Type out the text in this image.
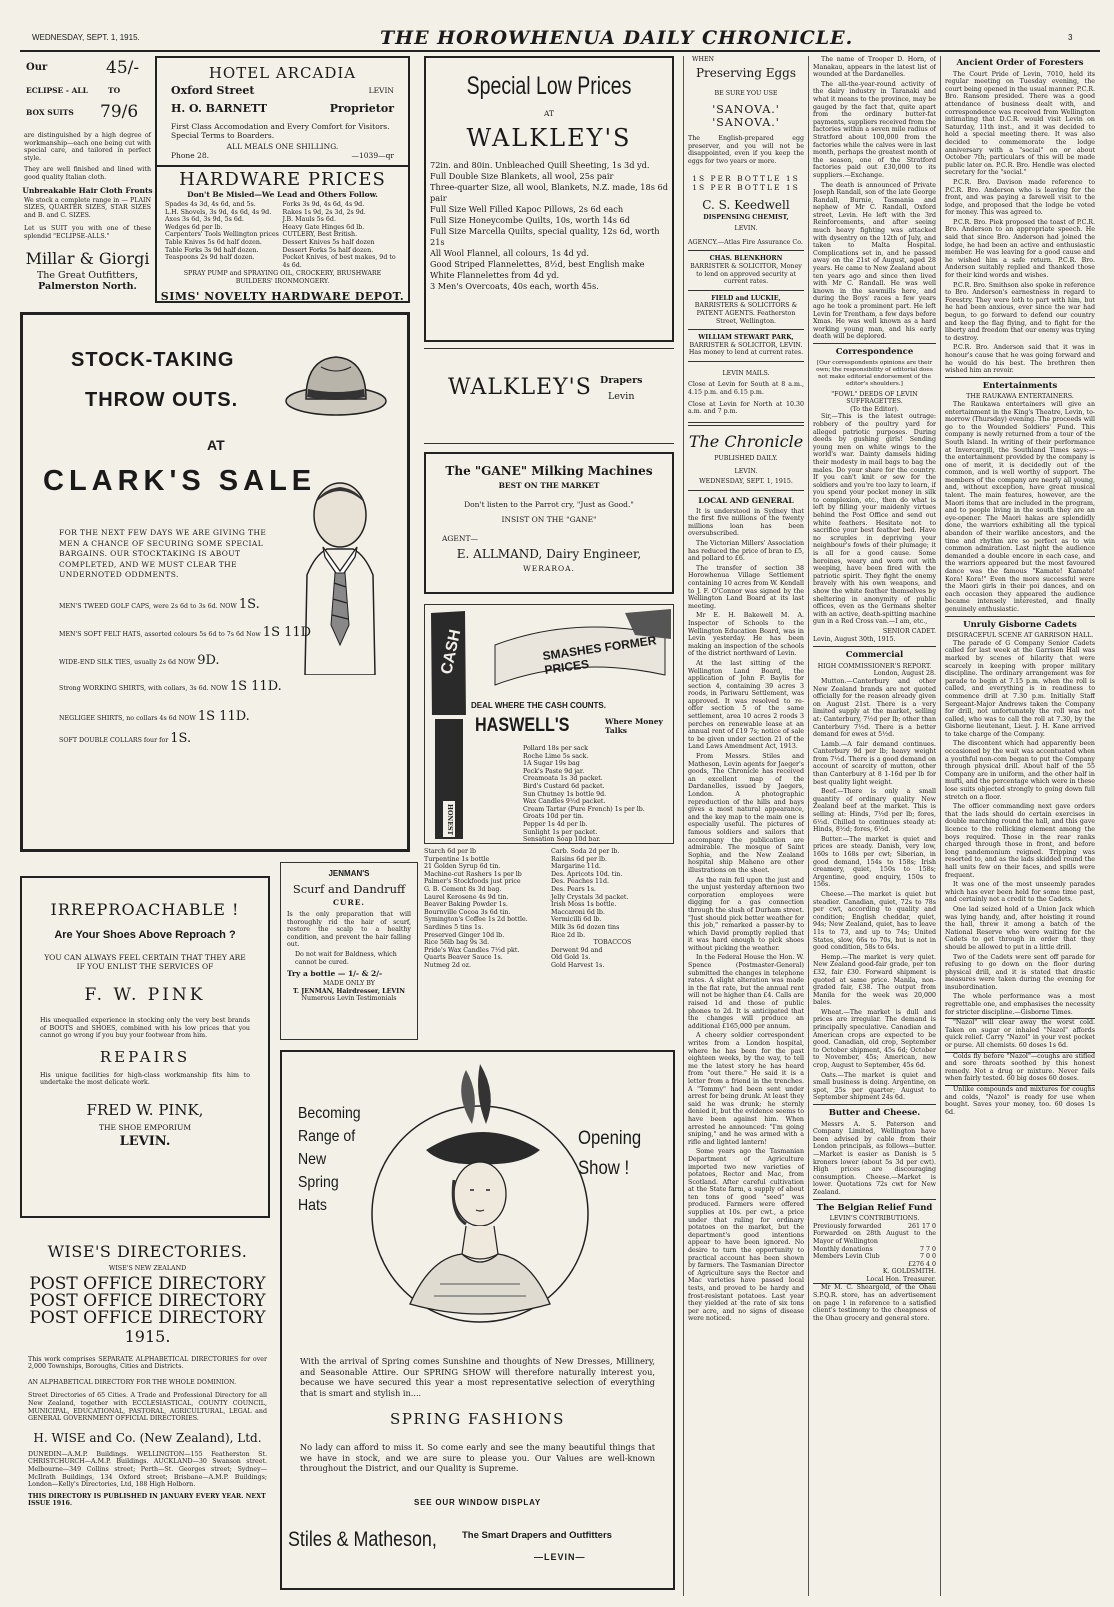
WEDNESDAY, SEPT. 1, 1915.	THE HOROWHENUA DAILY CHRONICLE.	3
Our	45/-
ECLIPSE - ALL	TO
BOX SUITS 79/6
are distinguished by a high degree of workmanship—each one being cut with special care, and tailored in perfect style.
They are well finished and lined with good quality Italian cloth.
Unbreakable Hair Cloth Fronts
We stock a complete range in — PLAIN SIZES, QUARTER SIZES, STAR SIZES and B. and C. SIZES.
Let us SUIT you with one of these splendid "ECLIPSE-ALLS."
Millar & Giorgi
The Great Outfitters,
Palmerston North.
HOTEL ARCADIA
Oxford Street	LEVIN
H. O. BARNETT	Proprietor
First Class Accomodation and Every Comfort for Visitors. Special Terms to Boarders.
ALL MEALS ONE SHILLING.
Phone 28.	—1039—qr
HARDWARE PRICES
Don't Be Misled—We Lead and Others Follow.
Spades 4s 3d, 4s 6d, and 5s.
L.H. Shovels, 3s 9d, 4s 6d, 4s 9d.
Axes 3s 6d, 3s 9d, 5s 6d.
Wedges 6d per lb.
Carpenters' Tools Wellington prices
Table Knives 5s 6d half dozen.
Table Forks 3s 9d half dozen.
Teaspoons 2s 9d half dozen.
Forks 3s 9d, 4s 6d, 4s 9d.
Rakes 1s 9d, 2s 3d, 2s 9d.
J.B. Mauls 5s 6d.
Heavy Gate Hinges 6d lb.
CUTLERY, Best British.
Dessert Knives 5s half dozen
Dessert Forks 5s half dozen.
Pocket Knives, of best makes, 9d to 4s 6d.
SPRAY PUMP and SPRAYING OIL, CROCKERY, BRUSHWARE BUILDERS' IRONMONGERY.
SIMS' NOVELTY HARDWARE DEPOT.
Special Low Prices
AT
WALKLEY'S
72in. and 80in. Unbleached Quill Sheeting, 1s 3d yd.
Full Double Size Blankets, all wool, 25s pair
Three-quarter Size, all wool, Blankets, N.Z. made, 18s 6d pair
Full Size Well Filled Kapoc Pillows, 2s 6d each
Full Size Honeycombe Quilts, 10s, worth 14s 6d
Full Size Marcella Quilts, special quality, 12s 6d, worth 21s
All Wool Flannel, all colours, 1s 4d yd.
Good Striped Flannelettes, 8½d, best English make
White Flannelettes from 4d yd.
3 Men's Overcoats, 40s each, worth 45s.
WALKLEY'S Drapers
Levin
The "GANE" Milking Machines
BEST ON THE MARKET
Don't listen to the Parrot cry, "Just as Good."
INSIST ON THE "GANE"
AGENT—
E. ALLMAND, Dairy Engineer,
WERAROA.
STOCK-TAKING
THROW OUTS.
AT
CLARK'S SALE
FOR THE NEXT FEW DAYS WE ARE GIVING THE MEN A CHANCE OF SECURING SOME SPECIAL BARGAINS. OUR STOCKTAKING IS ABOUT COMPLETED, AND WE MUST CLEAR THE UNDERNOTED ODDMENTS.
MEN'S TWEED GOLF CAPS, were 2s 6d to 3s 6d. NOW 1S.
MEN'S SOFT FELT HATS, assorted colours 5s 6d to 7s 6d Now 1S 11D
WIDE-END SILK TIES, usually 2s 6d NOW 9D.
Strong WORKING SHIRTS, with collars, 3s 6d. NOW 1S 11D.
NEGLIGEE SHIRTS, no collars 4s 6d NOW 1S 11D.
SOFT DOUBLE COLLARS four for 1S.
CASH	SMASHES FORMER PRICES
DEAL WHERE THE CASH COUNTS.
HASWELL'S	Where Money Talks
Pollard 18s per sack
Roche Lime 5s sack.
1A Sugar 19s bag
Peck's Paste 9d jar.
Creamoata 1s 3d packet.
Bird's Custard 6d packet.
Sun Chutney 1s bottle 9d.
Wax Candles 9½d packet.
Cream Tartar (Pure French) 1s per lb.
Groats 10d per tin.
Pepper 1s 4d per lb.
Sunlight 1s per packet.
Sensation Soap 10d bar.
HONEST
Starch 6d per lb
Turpentine 1s bottle
21 Golden Syrup 6d tin.
Machine-cut Rashers 1s per lb
Palmer's Stockfoods just price
G. B. Cement 8s 3d bag.
Laurel Kerosene 4s 9d tin.
Beaver Baking Powder 1s.
Bournville Cocoa 3s 6d tin.
Symington's Coffee 1s 2d bottle.
Sardines 5 tins 1s.
Preserved Ginger 10d lb.
Rice 56lb bag 9s 3d.
Pride's Wax Candles 7½d pkt.
Quarts Beaver Sauce 1s.
Nutmeg 2d oz.
Carb. Soda 2d per lb.
Raisins 6d per lb.
Margarine 11d.
Des. Apricots 10d. tin.
Des. Peaches 11d.
Des. Pears 1s.
Jelly Crystals 3d packet.
Irish Moss 1s bottle.
Maccaroni 6d lb.
Vermicilli 6d lb.
Milk 3s 6d dozen tins
Rice 2d lb.
TOBACCOS
Derwent 9d and
Old Gold 1s.
Gold Harvest 1s.
JENMAN'S
Scurf and Dandruff
CURE.
Is the only preparation that will thoroughly rid the hair of scurf, restore the scalp to a healthy condition, and prevent the hair falling out.
Do not wait for Baldness, which cannot be cured.
Try a bottle — 1/- & 2/-
MADE ONLY BY
T. JENMAN, Hairdresser, LEVIN
Numerous Levin Testimonials
IRREPROACHABLE !
Are Your Shoes Above Reproach ?
YOU CAN ALWAYS FEEL CERTAIN THAT THEY ARE IF YOU ENLIST THE SERVICES OF
F. W. PINK
His unequalled experience in stocking only the very best brands of BOOTS and SHOES, combined with his low prices that you cannot go wrong if you buy your footwear from him.
REPAIRS
His unique facilities for high-class workmanship fits him to undertake the most delicate work.
FRED W. PINK,
THE SHOE EMPORIUM
LEVIN.
WISE'S DIRECTORIES.
WISE'S NEW ZEALAND
POST OFFICE DIRECTORY
POST OFFICE DIRECTORY
POST OFFICE DIRECTORY
1915.
This work comprises SEPARATE ALPHABETICAL DIRECTORIES for over 2,000 Townships, Boroughs, Cities and Districts.
AN ALPHABETICAL DIRECTORY FOR THE WHOLE DOMINION.
Street Directories of 65 Cities. A Trade and Professional Directory for all New Zealand, together with ECCLESIASTICAL, COUNTY COUNCIL, MUNICIPAL, EDUCATIONAL, PASTORAL, AGRICULTURAL, LEGAL and GENERAL GOVERNMENT OFFICIAL DIRECTORIES.
H. WISE and Co. (New Zealand), Ltd.
DUNEDIN—A.M.P. Buildings. WELLINGTON—155 Featherston St. CHRISTCHURCH—A.M.P. Buildings. AUCKLAND—30 Swanson street. Melbourne—349 Collins street; Perth—St. Georges street; Sydney—McIlrath Buildings, 134 Oxford street; Brisbane—A.M.P. Buildings; London—Kelly's Directories, Ltd, 188 High Holborn.
THIS DIRECTORY IS PUBLISHED IN JANUARY EVERY YEAR. NEXT ISSUE 1916.
Becoming
Range of
New
Spring
Hats
Opening
Show !
With the arrival of Spring comes Sunshine and thoughts of New Dresses, Millinery, and Seasonable Attire. Our SPRING SHOW will therefore naturally interest you, because we have secured this year a most representative selection of everything that is smart and stylish in....
SPRING FASHIONS
No lady can afford to miss it. So come early and see the many beautiful things that we have in stock, and we are sure to please you. Our Values are well-known throughout the District, and our Quality is Supreme.
SEE OUR WINDOW DISPLAY
Stiles & Matheson,	The Smart Drapers and Outfitters
—LEVIN—
WHEN
Preserving Eggs
BE SURE YOU USE
'SANOVA.'
'SANOVA.'
The English-prepared egg preserver, and you will not be disappointed, even if you keep the eggs for two years or more.
1S PER BOTTLE 1S
1S PER BOTTLE 1S
C. S. Keedwell
DISPENSING CHEMIST,
LEVIN.
AGENCY.—Atlas Fire Assurance Co.
CHAS. BLENKHORN
BARRISTER & SOLICITOR, Money to lend on approved security at current rates.
FIELD and LUCKIE,
BARRISTERS & SOLICITORS & PATENT AGENTS. Featherston Street, Wellington.
WILLIAM STEWART PARK,
BARRISTER & SOLICITOR, LEVIN. Has money to lend at current rates.
LEVIN MAILS.
Close at Levin for South at 8 a.m., 4.15 p.m. and 6.15 p.m.
Close at Levin for North at 10.30 a.m. and 7 p.m.
The Chronicle
PUBLISHED DAILY.
LEVIN.
WEDNESDAY, SEPT. 1, 1915.
LOCAL AND GENERAL

It is understood in Sydney that the first five millions of the twenty millions loan has been oversubscribed.

The Victorian Millers' Association has reduced the price of bran to £5, and pollard to £6.

The transfer of section 38 Horowhenua Village Settlement containing 10 acres from W. Kendall to J. F. O'Connor was signed by the Wellington Land Board at its last meeting.

Mr E. H. Bakewell M. A. Inspector of Schools to the Wellington Education Board, was in Levin yesterday. He has been making an inspection of the schools of the district northward of Levin.

At the last sitting of the Wellington Land Board, the application of John F. Baylis for section 4, containing 39 acres 3 roods, in Pariwaru Settlement, was approved. It was resolved to re-offer section 5 of the same settlement, area 10 acres 2 roods 3 perches on renewable lease at an annual rent of £19 7s; notice of sale to be given under section 21 of the Land Laws Amendment Act, 1913.

From Messrs. Stiles and Matheson, Levin agents for Jaeger's goods, The Chronicle has received an excellent map of the Dardanelles, issued by Jaegers, London. A photographic reproduction of the hills and bays gives a most natural appearance, and the key map to the main one is especially useful. The pictures of famous soldiers and sailors that accompany the publication are admirable. The mosque of Saint Sophia, and the New Zealand hospital ship Maheno are other illustrations on the sheet.

As the rain fell upon the just and the unjust yesterday afternoon two corporation employees were digging for a gas connection through the slush of Durham street. "Just should pick better weather for this job," remarked a passer-by to which David promptly replied that it was hard enough to pick shoes without picking the weather.

In the Federal House the Hon. W. Spence (Postmaster-General) submitted the changes in telephone rates. A slight alteration was made in the flat rate, but the annual rent will not be higher than £4. Calls are raised 1d and those of public phones to 2d. It is anticipated that the changes will produce an additional £165,000 per annum.

A cheery soldier correspondent writes from a London hospital, where he has been for the past eighteen weeks, by the way, to tell me the latest story he has heard from "out there." He said it is a letter from a friend in the trenches. A "Tommy" had been sent under arrest for being drunk. At least they said he was drunk; he sternly denied it, but the evidence seems to have been against him. When arrested he announced: "I'm going sniping," and he was armed with a rifle and lighted lantern!

Some years ago the Tasmanian Department of Agriculture imported two new varieties of potatoes, Rector and Mac, from Scotland. After careful cultivation at the State farm, a supply of about ten tons of good "seed" was produced. Farmers were offered supplies at 10s. per cwt., a price under that ruling for ordinary potatoes on the market, but the department's good intentions appear to have been ignored. No desire to turn the opportunity to practical account has been shown by farmers. The Tasmanian Director of Agriculture says the Rector and Mac varieties have passed local tests, and proved to be hardy and frost-resistant potatoes. Last year they yielded at the rate of six tons per acre, and no signs of disease were noticed.

The name of Trooper D. Horn, of Manakau, appears in the latest list of wounded at the Dardanelles.

The all-the-year-round activity of the dairy industry in Taranaki and what it means to the province, may be gauged by the fact that, quite apart from the ordinary butter-fat payments, suppliers received from the factories within a seven mile radius of Stratford about 100,000 from the factories while the calves were in last month, perhaps the greatest month of the season, one of the Stratford factories paid out £30,000 to its suppliers.—Exchange.

The death is announced of Private Joseph Randall, son of the late George Randall, Burnie, Tasmania and nephew of Mr C. Randall, Oxford street, Levin. He left with the 3rd Reinforcements, and after seeing much heavy fighting was attacked with dysentry on the 12th of July, and taken to Malta Hospital. Complications set in, and he passed away on the 21st of August, aged 28 years. He came to New Zealand about ten years ago and since then lived with Mr C. Randall. He was well known in the sawmills here, and during the Boys' races a few years ago he took a prominent part. He left Levin for Trentham, a few days before Xmas. He was well known as a hard working young man, and his early death will be deplored.

Correspondence
[Our correspondents opinions are their own; the responsibility of editorial does not make editorial endorsement of the editor's shoulders.]
"FOWL" DEEDS OF LEVIN SUFFRAGETTES.
(To the Editor).

Sir,—This is the latest outrage: robbery of the poultry yard for alleged patriotic purposes. During deeds by gushing girls! Sending young men on white wings to the world's war. Dainty damsels hiding their modesty in mail bags to bag the males. Do your share for the country. If you can't knit or sew for the soldiers and you're too lazy to learn, if you spend your pocket money in silk to complexion, etc., then do what is left by filling your maidenly virtues behind the Post Office and send out white feathers. Hesitate not to sacrifice your best feather bed. Have no scruples in depriving your neighbour's fowls of their plumage; it is all for a good cause. Some heroines, weary and worn out with weeping, have been fired with the patriotic spirit. They fight the enemy bravely with his own weapons, and show the white feather themselves by sheltering in anonymity of public offices, even as the Germans shelter with an active, death-spitting machine gun in a Red Cross van.—I am, etc.,

SENIOR CADET.
Levin, August 30th, 1915.
Commercial
HIGH COMMISSIONER'S REPORT.
London, August 28.

Mutton.—Canterbury and other New Zealand brands are not quoted officially for the reason already given on August 21st. There is a very limited supply at the market, selling at: Canterbury, 7½d per lb; other than Canterbury 7½d. There is a better demand for ewes at 5½d.

Lamb.—A fair demand continues. Canterbury 9d per lb; heavy weight from 7½d. There is a good demand on account of scarcity of mutton, other than Canterbury at 8 1-16d per lb for best quality light weight.

Beef.—There is only a small quantity of ordinary quality New Zealand beef at the market. This is selling at: Hinds, 7½d per lb; fores, 6½d. Chilled to continues steady at: Hinds, 8½d; fores, 6½d.

Butter.—The market is quiet and prices are steady. Danish, very low, 160s to 168s per cwt; Siberian, in good demand, 154s to 158s; Irish creamery, quiet, 150s to 158s; Argentine, good enquiry, 150s to 156s.

Cheese.—The market is quiet but steadier. Canadian, quiet, 72s to 78s per cwt, according to quality and condition; English cheddar, quiet, 94s; New Zealand, quiet, has to leave 11s to 73, and up to 74s; United States, slow, 66s to 70s, but is not in good condition, 58s to 64s.

Hemp.—The market is very quiet. New Zealand good-fair grade, per ton £32, fair £30. Forward shipment is quoted at same price. Manila, non-graded fair, £38. The output from Manila for the week was 20,000 bales.

Wheat.—The market is dull and prices are irregular. The demand is principally speculative. Canadian and American crops are expected to be good. Canadian, old crop, September to October shipment, 45s 6d; October to November, 45s; American, new crop, August to September, 45s 6d.

Oats.—The market is quiet and small business is doing. Argentine, on spot, 25s per quarter; August to September shipment 24s 6d.

Butter and Cheese.

Messrs A. S. Paterson and Company Limited, Wellington have been advised by cable from their London principals, as follows—butter.—Market is easier as Danish is 5 kroners lower (about 5s 3d per cwt). High prices are discouraging consumption. Cheese.—Market is lower. Quotations 72s cwt for New Zealand.

The Belgian Relief Fund
LEVIN'S CONTRIBUTIONS.
Previously forwarded	261 17 0
Forwarded on 28th August to the Mayor of Wellington
Monthly donations	7 7 0
Members Levin Club	7 0 0
£276 4 0
K. GOLDSMITH.
Local Hon. Treasurer.

Mr M. C. Sheargold, of the Ohau S.P.Q.R. store, has an advertisement on page 1 in reference to a satisfied client's testimony to the cheapness of the Ohau grocery and general store.

Ancient Order of Foresters

The Court Pride of Levin, 7010, held its regular meeting on Tuesday evening, the court being opened in the usual manner. P.C.R. Bro. Ransom presided. There was a good attendance of business dealt with, and correspondence was received from Wellington intimating that D.C.R. would visit Levin on Saturday, 11th inst., and it was decided to hold a special meeting there. It was also decided to commemorate the lodge anniversary with a "social" on or about October 7th; particulars of this will be made public later on. P.C.R. Bro. Hendle was elected secretary for the "social."

P.C.R. Bro. Davison made reference to P.C.R. Bro. Anderson who is leaving for the front, and was paying a farewell visit to the lodge, and proposed that the lodge be voted for money. This was agreed to.

P.C.R. Bro. Piek proposed the toast of P.C.R. Bro. Anderson to an appropriate speech. He said that since Bro. Anderson had joined the lodge, he had been an active and enthusiastic member. He was leaving for a good cause and he wished him a safe return. P.C.R. Bro. Anderson suitably replied and thanked those for their kind words and wishes.

P.C.R. Bro. Smithson also spoke in reference to Bro. Anderson's earnestness in regard to Forestry. They were loth to part with him, but he had been anxious, ever since the war had begun, to go forward to defend our country and keep the flag flying, and to fight for the liberty and freedom that our enemy was trying to destroy.

P.C.R. Bro. Anderson said that it was in honour's cause that he was going forward and he would do his best. The brethren then wished him an revoir.

Entertainments
THE RAUKAWA ENTERTAINERS.

The Raukawa entertainers will give an entertainment in the King's Theatre, Levin, to-morrow (Thursday) evening. The proceeds will go to the Wounded Soldiers' Fund. This company is newly returned from a tour of the South Island. In writing of their performance at Invercargill, the Southland Times says:—the entertainment provided by the company is one of merit, it is decidedly out of the common, and is well worthy of support. The members of the company are nearly all young, and, without exception, have great musical talent. The main features, however, are the Maori items that are included in the program, and to people living in the south they are an eye-opener. The Maori hakas are splendidly done, the warriors exhibiting all the typical abandon of their warlike ancestors, and the time and rhythm are so perfect as to win common admiration. Last night the audience demanded a double encore in each case, and the warriors appeared but the most favoured dance was the famous "Kamate! Kamate! Kora! Kora!" Even the more successful were the Maori girls in their poi dances, and on each occasion they appeared the audience became intensely interested, and finally genuinely enthusiastic.

Unruly Gisborne Cadets
DISGRACEFUL SCENE AT GARRISON HALL.

The parade of G Company Senior Cadets called for last week at the Garrison Hall was marked by scenes of hilarity that were scarcely in keeping with proper military discipline. The ordinary arrangement was for parade to begin at 7.15 p.m. when the roll is called, and everything is in readiness to commence drill at 7.30 p.m. Initially Staff Sergeant-Major Andrews taken the Company for drill, not unfortunately the roll was not called, who was to call the roll at 7.30, by the Gisborne lieutenant, Lieut. J. H. Kane arrived to take charge of the Company.

The discontent which had apparently been occasioned by the wait was accentuated when a youthful non-com began to put the Company through physical drill. About half of the 55 Company are in uniform, and the other half in mufti, and the percentage which were in these lose suits objected strongly to going down full stretch on a floor.

The officer commanding next gave orders that the lads should do certain exercises in double marching round the hall, and this gave licence to the rollicking element among the boys required. Those in the rear ranks charged through those in front, and before long pandemonium reigned. Tripping was resorted to, and as the lads skidded round the hall units few on their faces, and spills were frequent.

It was one of the most unseemly parades which has ever been held for some time past, and certainly not a credit to the Cadets.

One lad seized hold of a Union Jack which was lying handy, and, after hoisting it round the hall, threw it among a batch of the National Reserve who were waiting for the Cadets to get through in order that they should be allowed to put in a little drill.

Two of the Cadets were sent off parade for refusing to go down on the floor during physical drill, and it is stated that drastic measures were taken during the evening for insubordination.

The whole performance was a most regrettable one, and emphasises the necessity for stricter discipline.—Gisborne Times.

"Nazol" will clear away the worst cold. Taken on sugar or inhaled "Nazol" affords quick relief. Carry "Nazol" in your vest pocket or purse. All chemists. 60 doses 1s 6d.

Colds fly before "Nazol"—coughs are stifled and sore throats soothed by this honest remedy. Not a drug or mixture. Never fails when fairly tested. 60 big doses 60 doses.

Unlike compounds and mixtures for coughs and colds, "Nazol" is ready for use when bought. Saves your money, too. 60 doses 1s 6d.
